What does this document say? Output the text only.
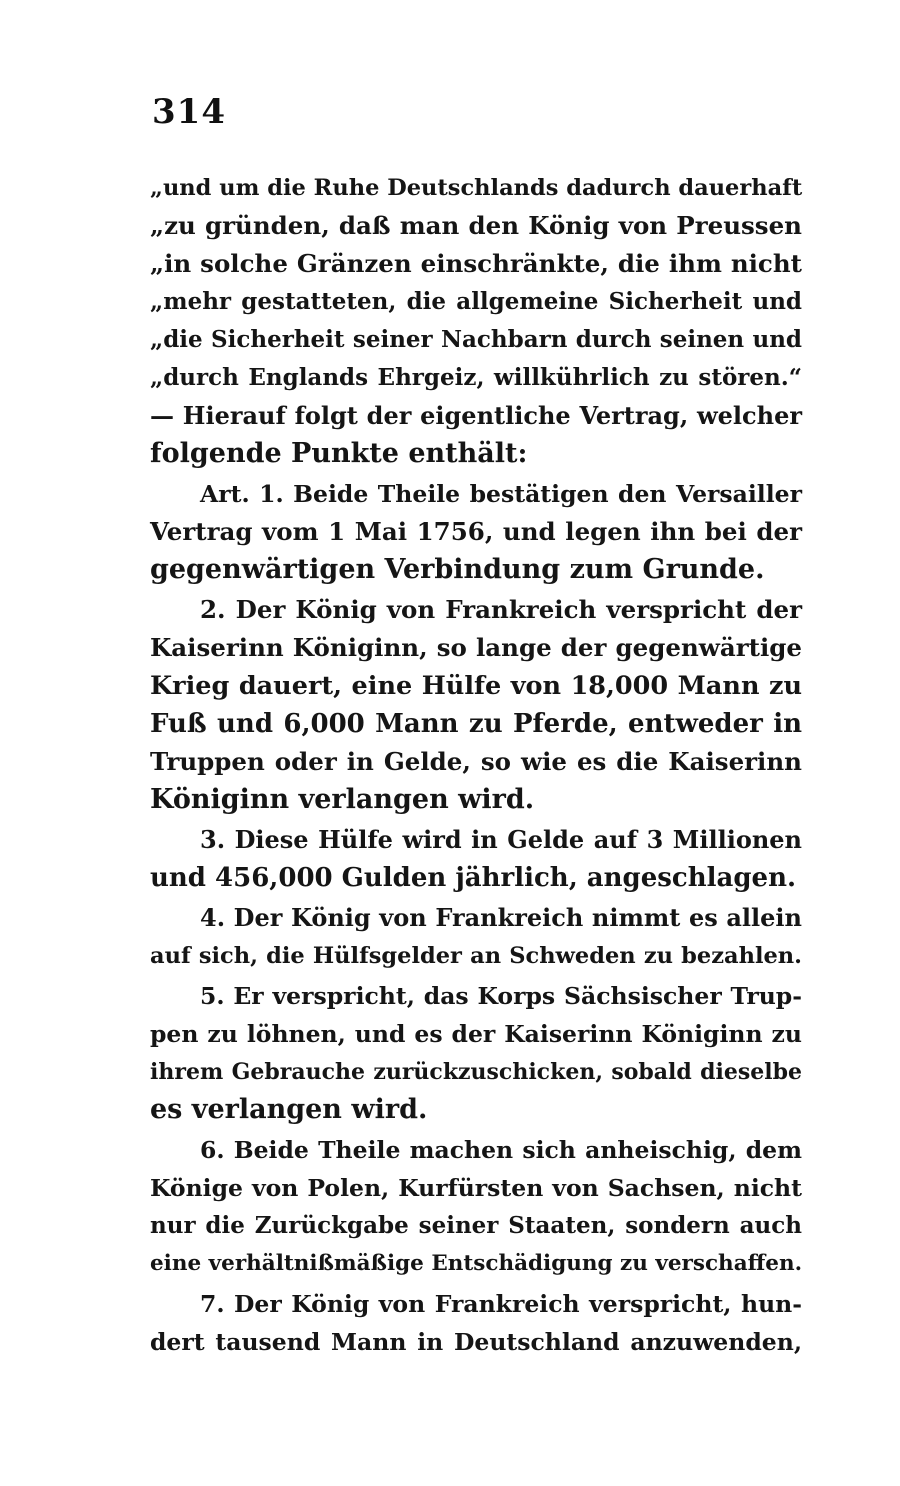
314
„und um die Ruhe Deutschlands dadurch dauerhaft
„zu gründen, daß man den König von Preussen
„in solche Gränzen einschränkte, die ihm nicht
„mehr gestatteten, die allgemeine Sicherheit und
„die Sicherheit seiner Nachbarn durch seinen und
„durch Englands Ehrgeiz, willkührlich zu stören.“
— Hierauf folgt der eigentliche Vertrag, welcher
folgende Punkte enthält:
Art. 1. Beide Theile bestätigen den Versailler
Vertrag vom 1 Mai 1756, und legen ihn bei der
gegenwärtigen Verbindung zum Grunde.
2. Der König von Frankreich verspricht der
Kaiserinn Königinn, so lange der gegenwärtige
Krieg dauert, eine Hülfe von 18,000 Mann zu
Fuß und 6,000 Mann zu Pferde, entweder in
Truppen oder in Gelde, so wie es die Kaiserinn
Königinn verlangen wird.
3. Diese Hülfe wird in Gelde auf 3 Millionen
und 456,000 Gulden jährlich, angeschlagen.
4. Der König von Frankreich nimmt es allein
auf sich, die Hülfsgelder an Schweden zu bezahlen.
5. Er verspricht, das Korps Sächsischer Trup-
pen zu löhnen, und es der Kaiserinn Königinn zu
ihrem Gebrauche zurückzuschicken, sobald dieselbe
es verlangen wird.
6. Beide Theile machen sich anheischig, dem
Könige von Polen, Kurfürsten von Sachsen, nicht
nur die Zurückgabe seiner Staaten, sondern auch
eine verhältnißmäßige Entschädigung zu verschaffen.
7. Der König von Frankreich verspricht, hun-
dert tausend Mann in Deutschland anzuwenden,
